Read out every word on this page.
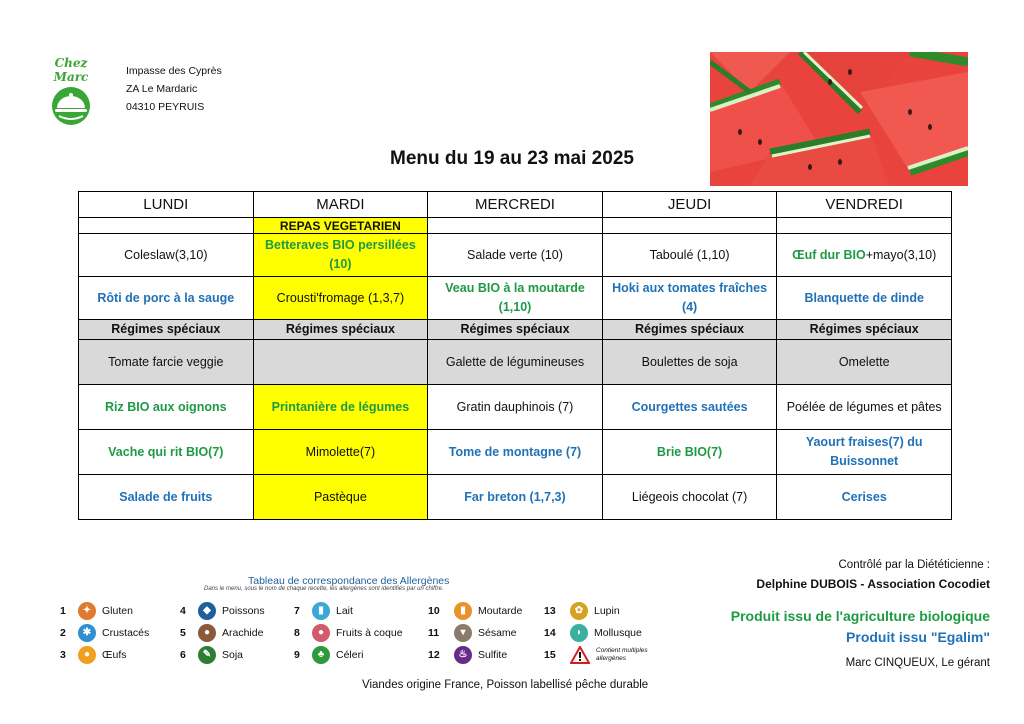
Chez Marc	Impasse des Cyprès
ZA Le Mardaric
04310 PEYRUIS
Menu du 19 au 23 mai 2025
LUNDI	MARDI	MERCREDI	JEUDI	VENDREDI
	REPAS VEGETARIEN			
Coleslaw(3,10)	Betteraves BIO persillées (10)	Salade verte (10)	Taboulé (1,10)	Œuf dur BIO+mayo(3,10)
Rôti de porc à la sauge	Crousti'fromage (1,3,7)	Veau BIO à la moutarde (1,10)	Hoki aux tomates fraîches (4)	Blanquette de dinde
Régimes spéciaux	Régimes spéciaux	Régimes spéciaux	Régimes spéciaux	Régimes spéciaux
Tomate farcie veggie		Galette de légumineuses	Boulettes de soja	Omelette
Riz BIO aux oignons	Printanière de légumes	Gratin dauphinois (7)	Courgettes sautées	Poélée de légumes et pâtes
Vache qui rit BIO(7)	Mimolette(7)	Tome de montagne (7)	Brie BIO(7)	Yaourt fraises(7) du Buissonnet
Salade de fruits	Pastèque	Far breton (1,7,3)	Liégeois chocolat (7)	Cerises
Tableau de correspondance des Allergènes
Dans le menu, sous le nom de chaque recette, les allergènes sont identifiés par un chiffre.
1	✦	Gluten
2	✱	Crustacés
3	●	Œufs
4	◆	Poissons
5	●	Arachide
6	✎	Soja
7	▮	Lait
8	●	Fruits à coque
9	♣	Céleri
10	▮	Moutarde
11	▾	Sésame
12	♨	Sulfite
13	✿	Lupin
14	◗	Mollusque
15	Contient multiples allergènes
Contrôlé par la Diététicienne :
Delphine DUBOIS - Association Cocodiet
Produit issu de l'agriculture biologique
Produit issu "Egalim"
Marc CINQUEUX, Le gérant
Viandes origine France, Poisson labellisé pêche durable
